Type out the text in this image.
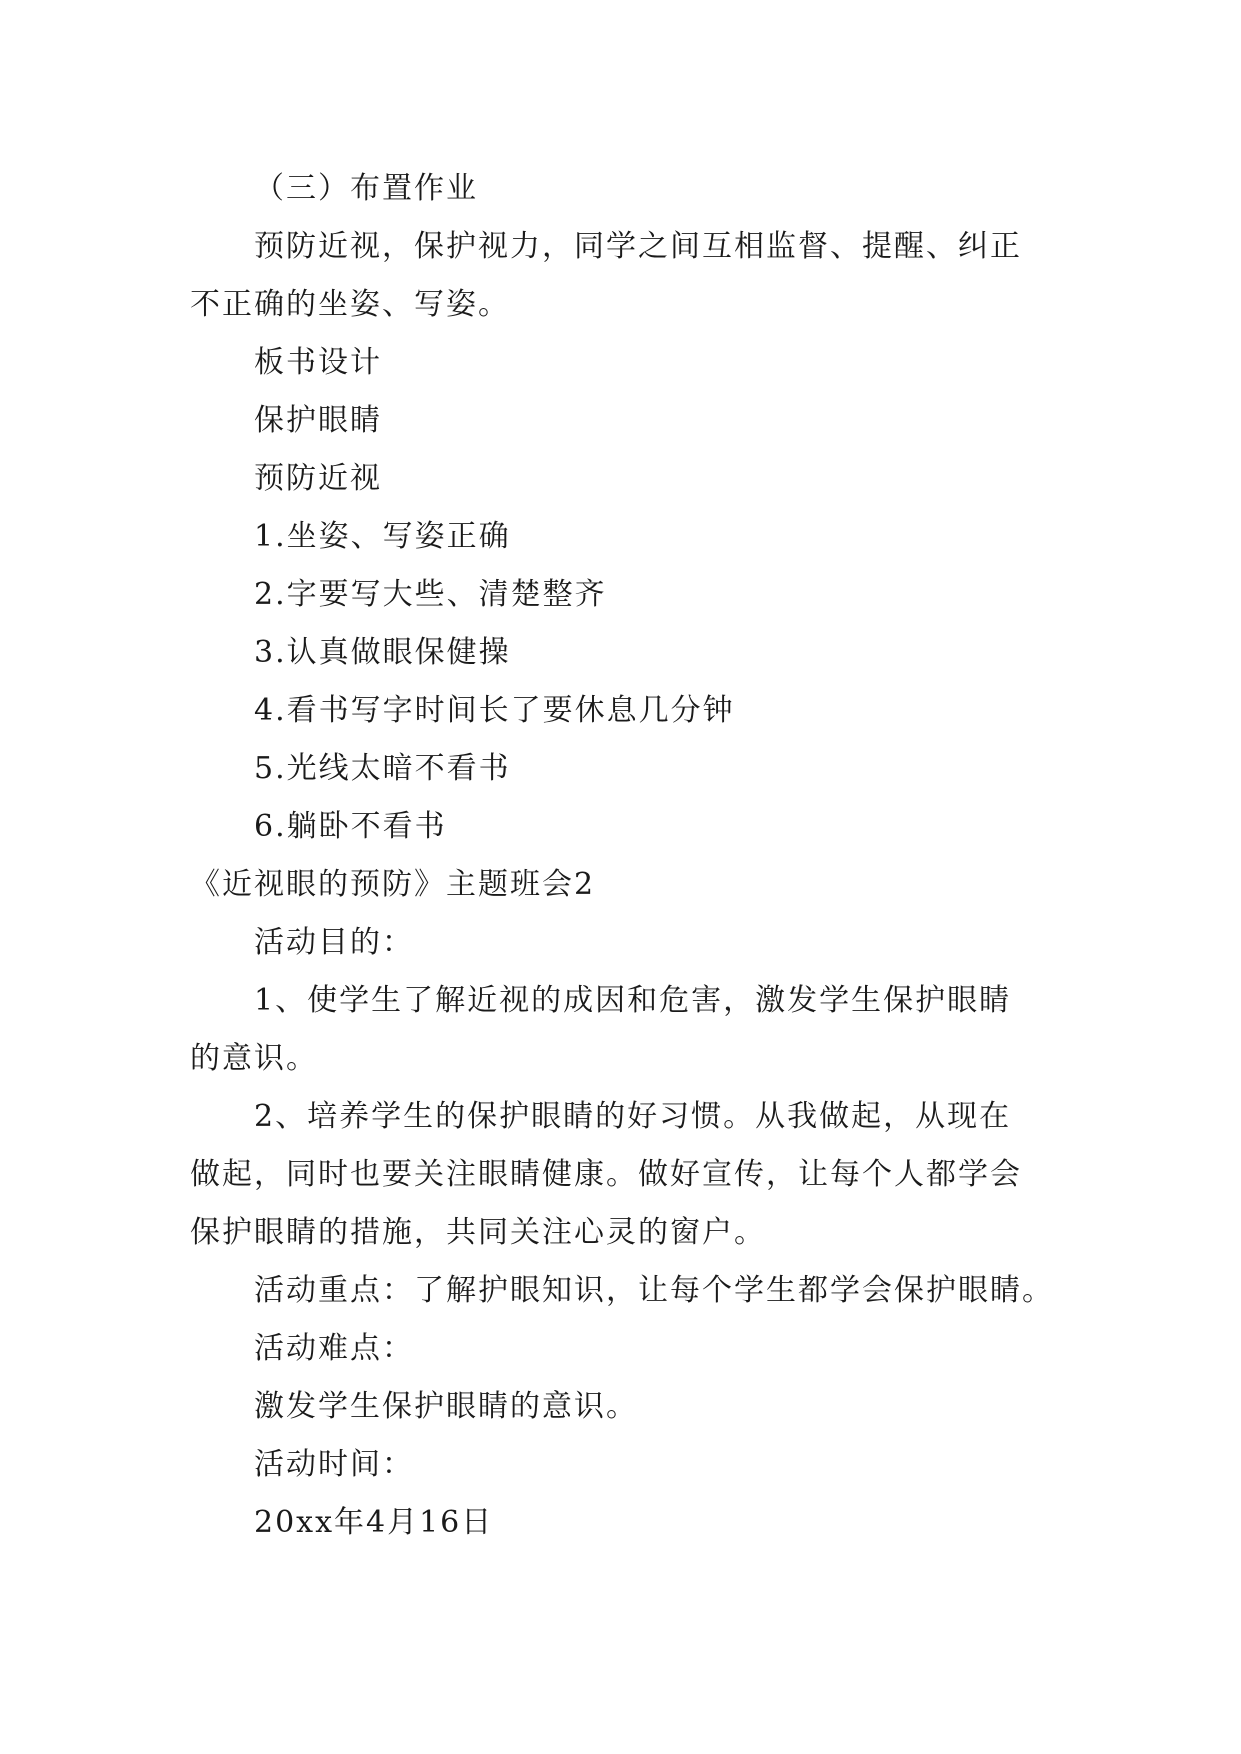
（三）布置作业
预防近视，保护视力，同学之间互相监督、提醒、纠正
不正确的坐姿、写姿。
板书设计
保护眼睛
预防近视
1.坐姿、写姿正确
2.字要写大些、清楚整齐
3.认真做眼保健操
4.看书写字时间长了要休息几分钟
5.光线太暗不看书
6.躺卧不看书
《近视眼的预防》主题班会2
活动目的：
1、使学生了解近视的成因和危害，激发学生保护眼睛
的意识。
2、培养学生的保护眼睛的好习惯。从我做起，从现在
做起，同时也要关注眼睛健康。做好宣传，让每个人都学会
保护眼睛的措施，共同关注心灵的窗户。
活动重点：了解护眼知识，让每个学生都学会保护眼睛。
活动难点：
激发学生保护眼睛的意识。
活动时间：
20xx年4月16日
